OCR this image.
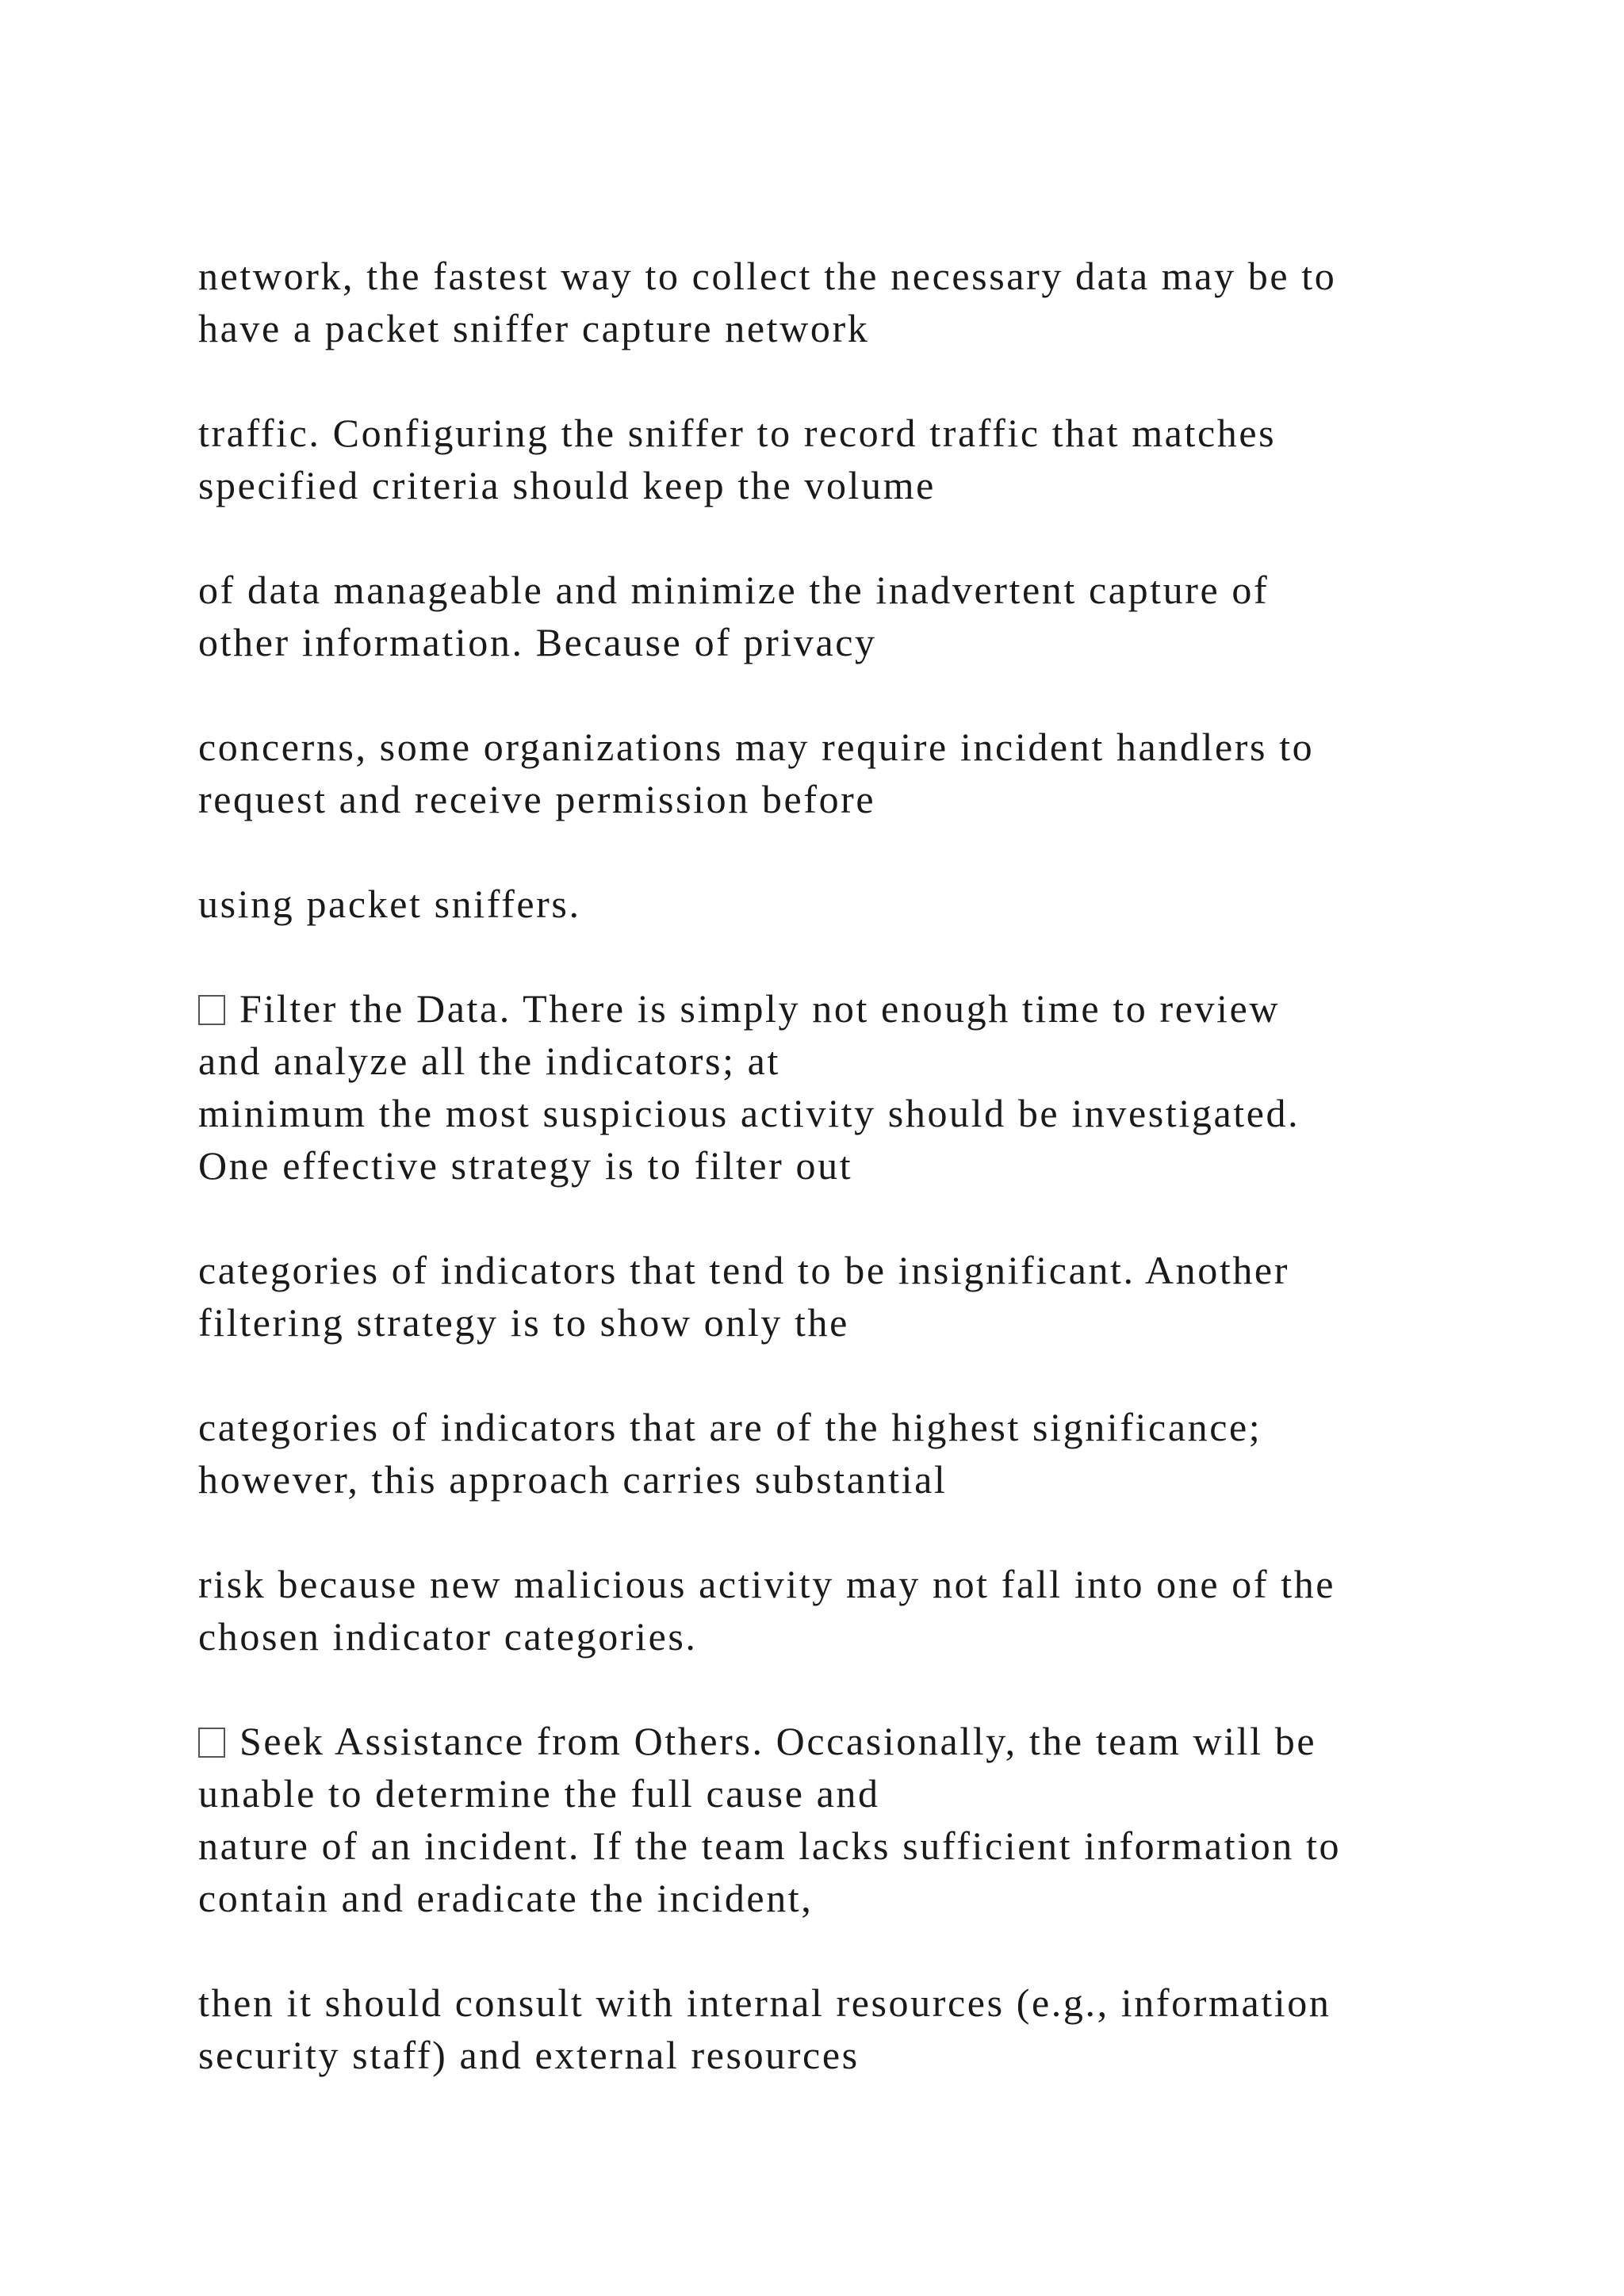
network, the fastest way to collect the necessary data may be to

have a packet sniffer capture network

traffic. Configuring the sniffer to record traffic that matches

specified criteria should keep the volume

of data manageable and minimize the inadvertent capture of

other information. Because of privacy

concerns, some organizations may require incident handlers to

request and receive permission before

using packet sniffers.

Filter the Data. There is simply not enough time to review

and analyze all the indicators; at

minimum the most suspicious activity should be investigated.

One effective strategy is to filter out

categories of indicators that tend to be insignificant. Another

filtering strategy is to show only the

categories of indicators that are of the highest significance;

however, this approach carries substantial

risk because new malicious activity may not fall into one of the

chosen indicator categories.

Seek Assistance from Others. Occasionally, the team will be

unable to determine the full cause and

nature of an incident. If the team lacks sufficient information to

contain and eradicate the incident,

then it should consult with internal resources (e.g., information

security staff) and external resources
